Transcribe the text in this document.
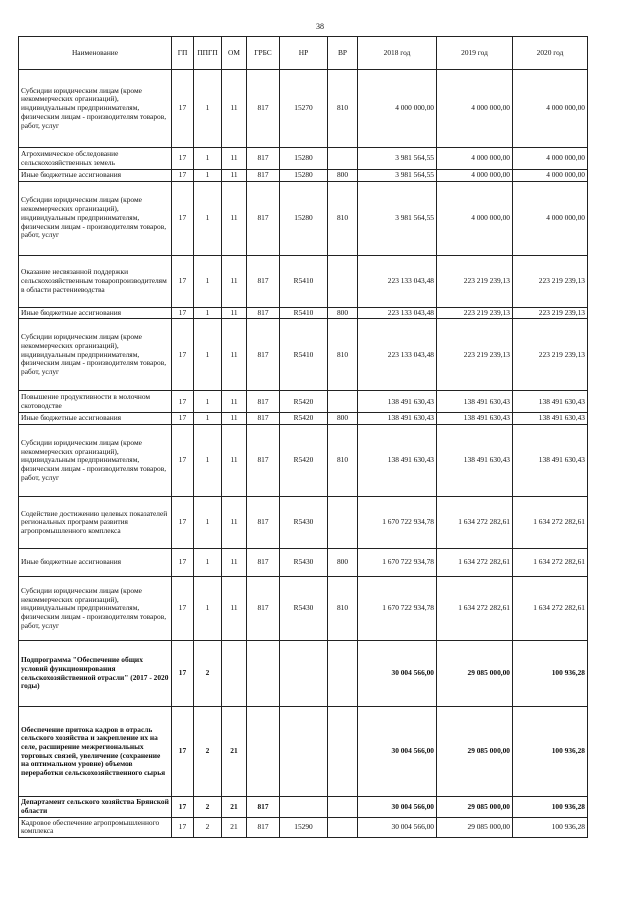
38
Наименование	ГП	ППГП	ОМ	ГРБС	НР	ВР	2018 год	2019 год	2020 год
Субсидии юридическим лицам (кроме некоммерческих организаций), индивидуальным предпринимателям, физическим лицам - производителям товаров, работ, услуг	17	1	11	817	15270	810	4 000 000,00	4 000 000,00	4 000 000,00
Агрохимическое обследование сельскохозяйственных земель	17	1	11	817	15280		3 981 564,55	4 000 000,00	4 000 000,00
Иные бюджетные ассигнования	17	1	11	817	15280	800	3 981 564,55	4 000 000,00	4 000 000,00
Субсидии юридическим лицам (кроме некоммерческих организаций), индивидуальным предпринимателям, физическим лицам - производителям товаров, работ, услуг	17	1	11	817	15280	810	3 981 564,55	4 000 000,00	4 000 000,00
Оказание несвязанной поддержки сельскохозяйственным товаропроизводителям в области растениеводства	17	1	11	817	R5410		223 133 043,48	223 219 239,13	223 219 239,13
Иные бюджетные ассигнования	17	1	11	817	R5410	800	223 133 043,48	223 219 239,13	223 219 239,13
Субсидии юридическим лицам (кроме некоммерческих организаций), индивидуальным предпринимателям, физическим лицам - производителям товаров, работ, услуг	17	1	11	817	R5410	810	223 133 043,48	223 219 239,13	223 219 239,13
Повышение продуктивности в молочном скотоводстве	17	1	11	817	R5420		138 491 630,43	138 491 630,43	138 491 630,43
Иные бюджетные ассигнования	17	1	11	817	R5420	800	138 491 630,43	138 491 630,43	138 491 630,43
Субсидии юридическим лицам (кроме некоммерческих организаций), индивидуальным предпринимателям, физическим лицам - производителям товаров, работ, услуг	17	1	11	817	R5420	810	138 491 630,43	138 491 630,43	138 491 630,43
Содействие достижению целевых показателей региональных программ развития агропромышленного комплекса	17	1	11	817	R5430		1 670 722 934,78	1 634 272 282,61	1 634 272 282,61
Иные бюджетные ассигнования	17	1	11	817	R5430	800	1 670 722 934,78	1 634 272 282,61	1 634 272 282,61
Субсидии юридическим лицам (кроме некоммерческих организаций), индивидуальным предпринимателям, физическим лицам - производителям товаров, работ, услуг	17	1	11	817	R5430	810	1 670 722 934,78	1 634 272 282,61	1 634 272 282,61
Подпрограмма "Обеспечение общих условий функционирования сельскохозяйственной отрасли" (2017 - 2020 годы)	17	2					30 004 566,00	29 085 000,00	100 936,28
Обеспечение притока кадров в отрасль сельского хозяйства и закрепление их на селе, расширение межрегиональных торговых связей, увеличение (сохранение на оптимальном уровне) объемов переработки сельскохозяйственного сырья	17	2	21				30 004 566,00	29 085 000,00	100 936,28
Департамент сельского хозяйства Брянской области	17	2	21	817			30 004 566,00	29 085 000,00	100 936,28
Кадровое обеспечение агропромышленного комплекса	17	2	21	817	15290		30 004 566,00	29 085 000,00	100 936,28
